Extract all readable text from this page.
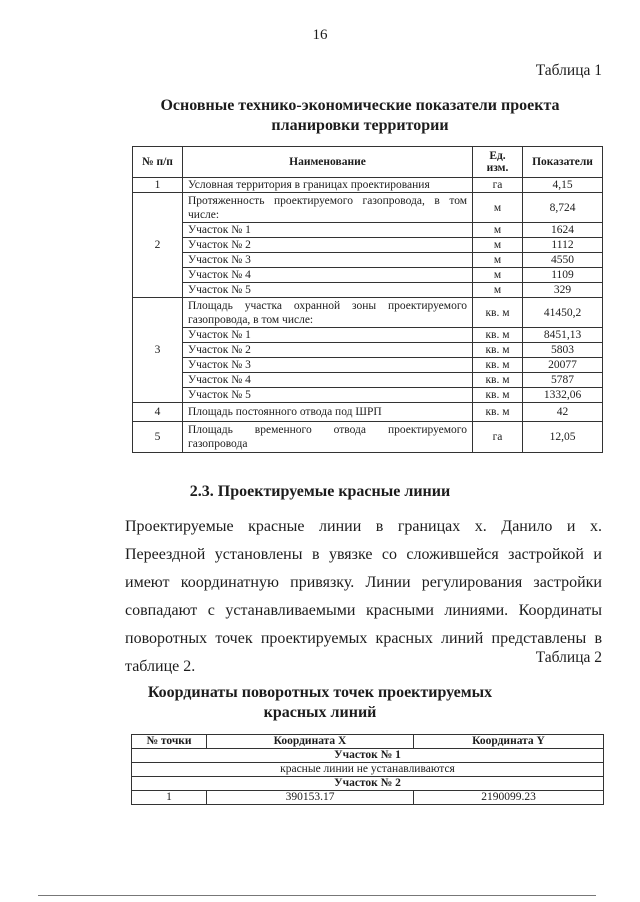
16
Таблица 1
Основные технико-экономические показатели проекта
планировки территории
№ п/п	Наименование	Ед. изм.	Показатели
1	Условная территория в границах проектирования	га	4,15
2	Протяженность проектируемого газопровода, в том числе:	м	8,724
	Участок № 1	м	1624
	Участок № 2	м	1112
	Участок № 3	м	4550
	Участок № 4	м	1109
	Участок № 5	м	329
3	Площадь участка охранной зоны проектируемого газопровода, в том числе:	кв. м	41450,2
	Участок № 1	кв. м	8451,13
	Участок № 2	кв. м	5803
	Участок № 3	кв. м	20077
	Участок № 4	кв. м	5787
	Участок № 5	кв. м	1332,06
4	Площадь постоянного отвода под ШРП	кв. м	42
5	Площадь временного отвода проектируемого газопровода	га	12,05
2.3. Проектируемые красные линии
Проектируемые красные линии в границах х. Данило и х. Переездной установлены в увязке со сложившейся застройкой и имеют координатную привязку. Линии регулирования застройки совпадают с устанавливаемыми красными линиями. Координаты поворотных точек проектируемых красных линий представлены в таблице 2.
Таблица 2
Координаты поворотных точек проектируемых
красных линий
№ точки	Координата X	Координата Y
Участок № 1		
красные линии не устанавливаются		
Участок № 2		
1	390153.17	2190099.23
